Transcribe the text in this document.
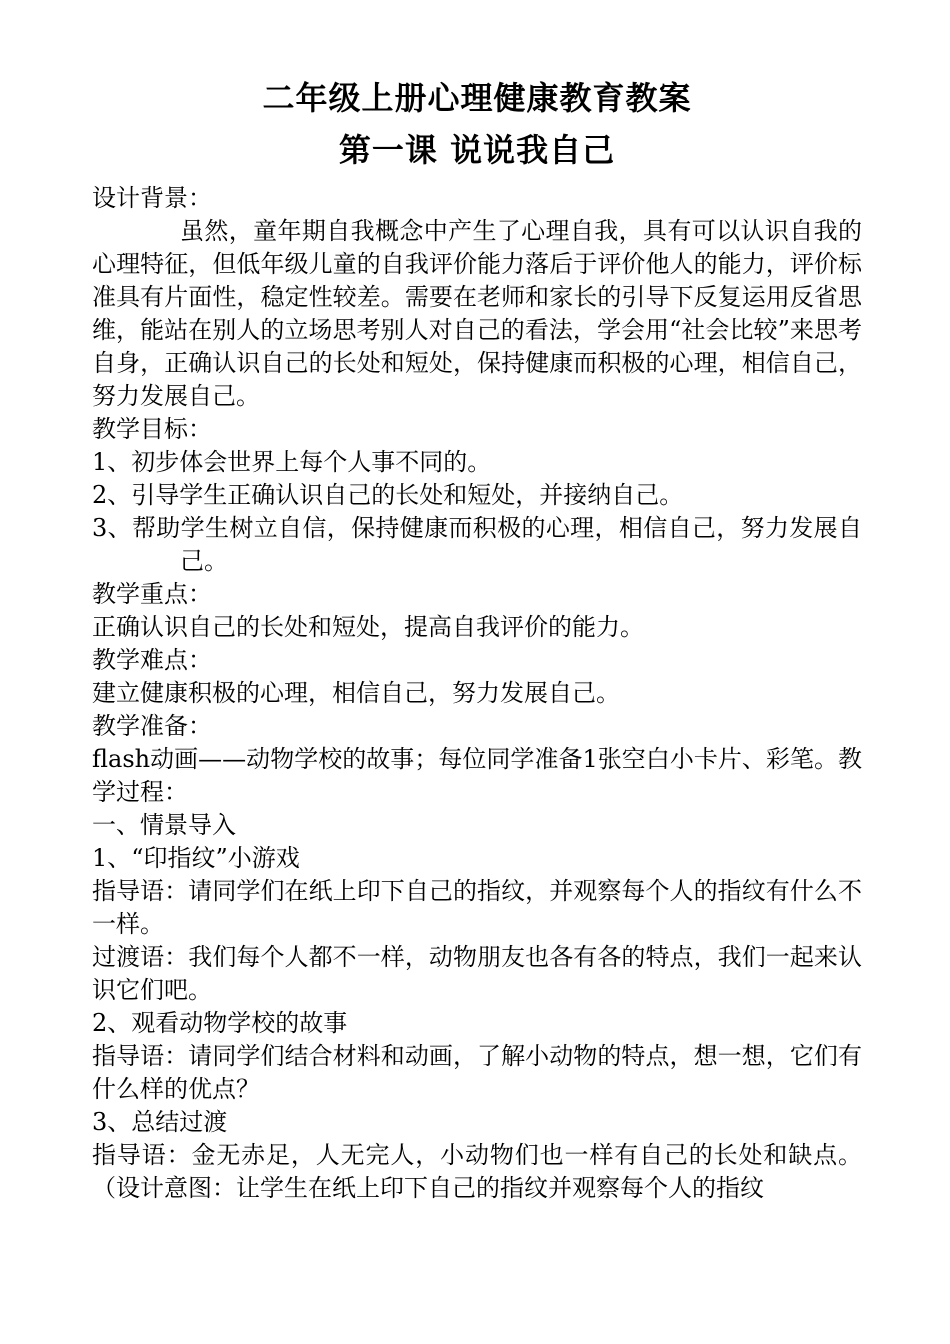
二年级上册心理健康教育教案
第一课 说说我自己

设计背景：

虽然，童年期自我概念中产生了心理自我，具有可以认识自我的心理特征，但低年级儿童的自我评价能力落后于评价他人的能力，评价标准具有片面性，稳定性较差。需要在老师和家长的引导下反复运用反省思维，能站在别人的立场思考别人对自己的看法，学会用“社会比较”来思考自身，正确认识自己的长处和短处，保持健康而积极的心理，相信自己，努力发展自己。

教学目标：

1、初步体会世界上每个人事不同的。

2、引导学生正确认识自己的长处和短处，并接纳自己。

3、帮助学生树立自信，保持健康而积极的心理，相信自己，努力发展自己。

教学重点：

正确认识自己的长处和短处，提高自我评价的能力。

教学难点：

建立健康积极的心理，相信自己，努力发展自己。

教学准备：

flash动画——动物学校的故事；每位同学准备1张空白小卡片、彩笔。教学过程：

一、情景导入

1、“印指纹”小游戏

指导语：请同学们在纸上印下自己的指纹，并观察每个人的指纹有什么不一样。

过渡语：我们每个人都不一样，动物朋友也各有各的特点，我们一起来认识它们吧。

2、观看动物学校的故事

指导语：请同学们结合材料和动画，了解小动物的特点，想一想，它们有什么样的优点？

3、总结过渡

指导语：金无赤足，人无完人，小动物们也一样有自己的长处和缺点。（设计意图：让学生在纸上印下自己的指纹并观察每个人的指纹
